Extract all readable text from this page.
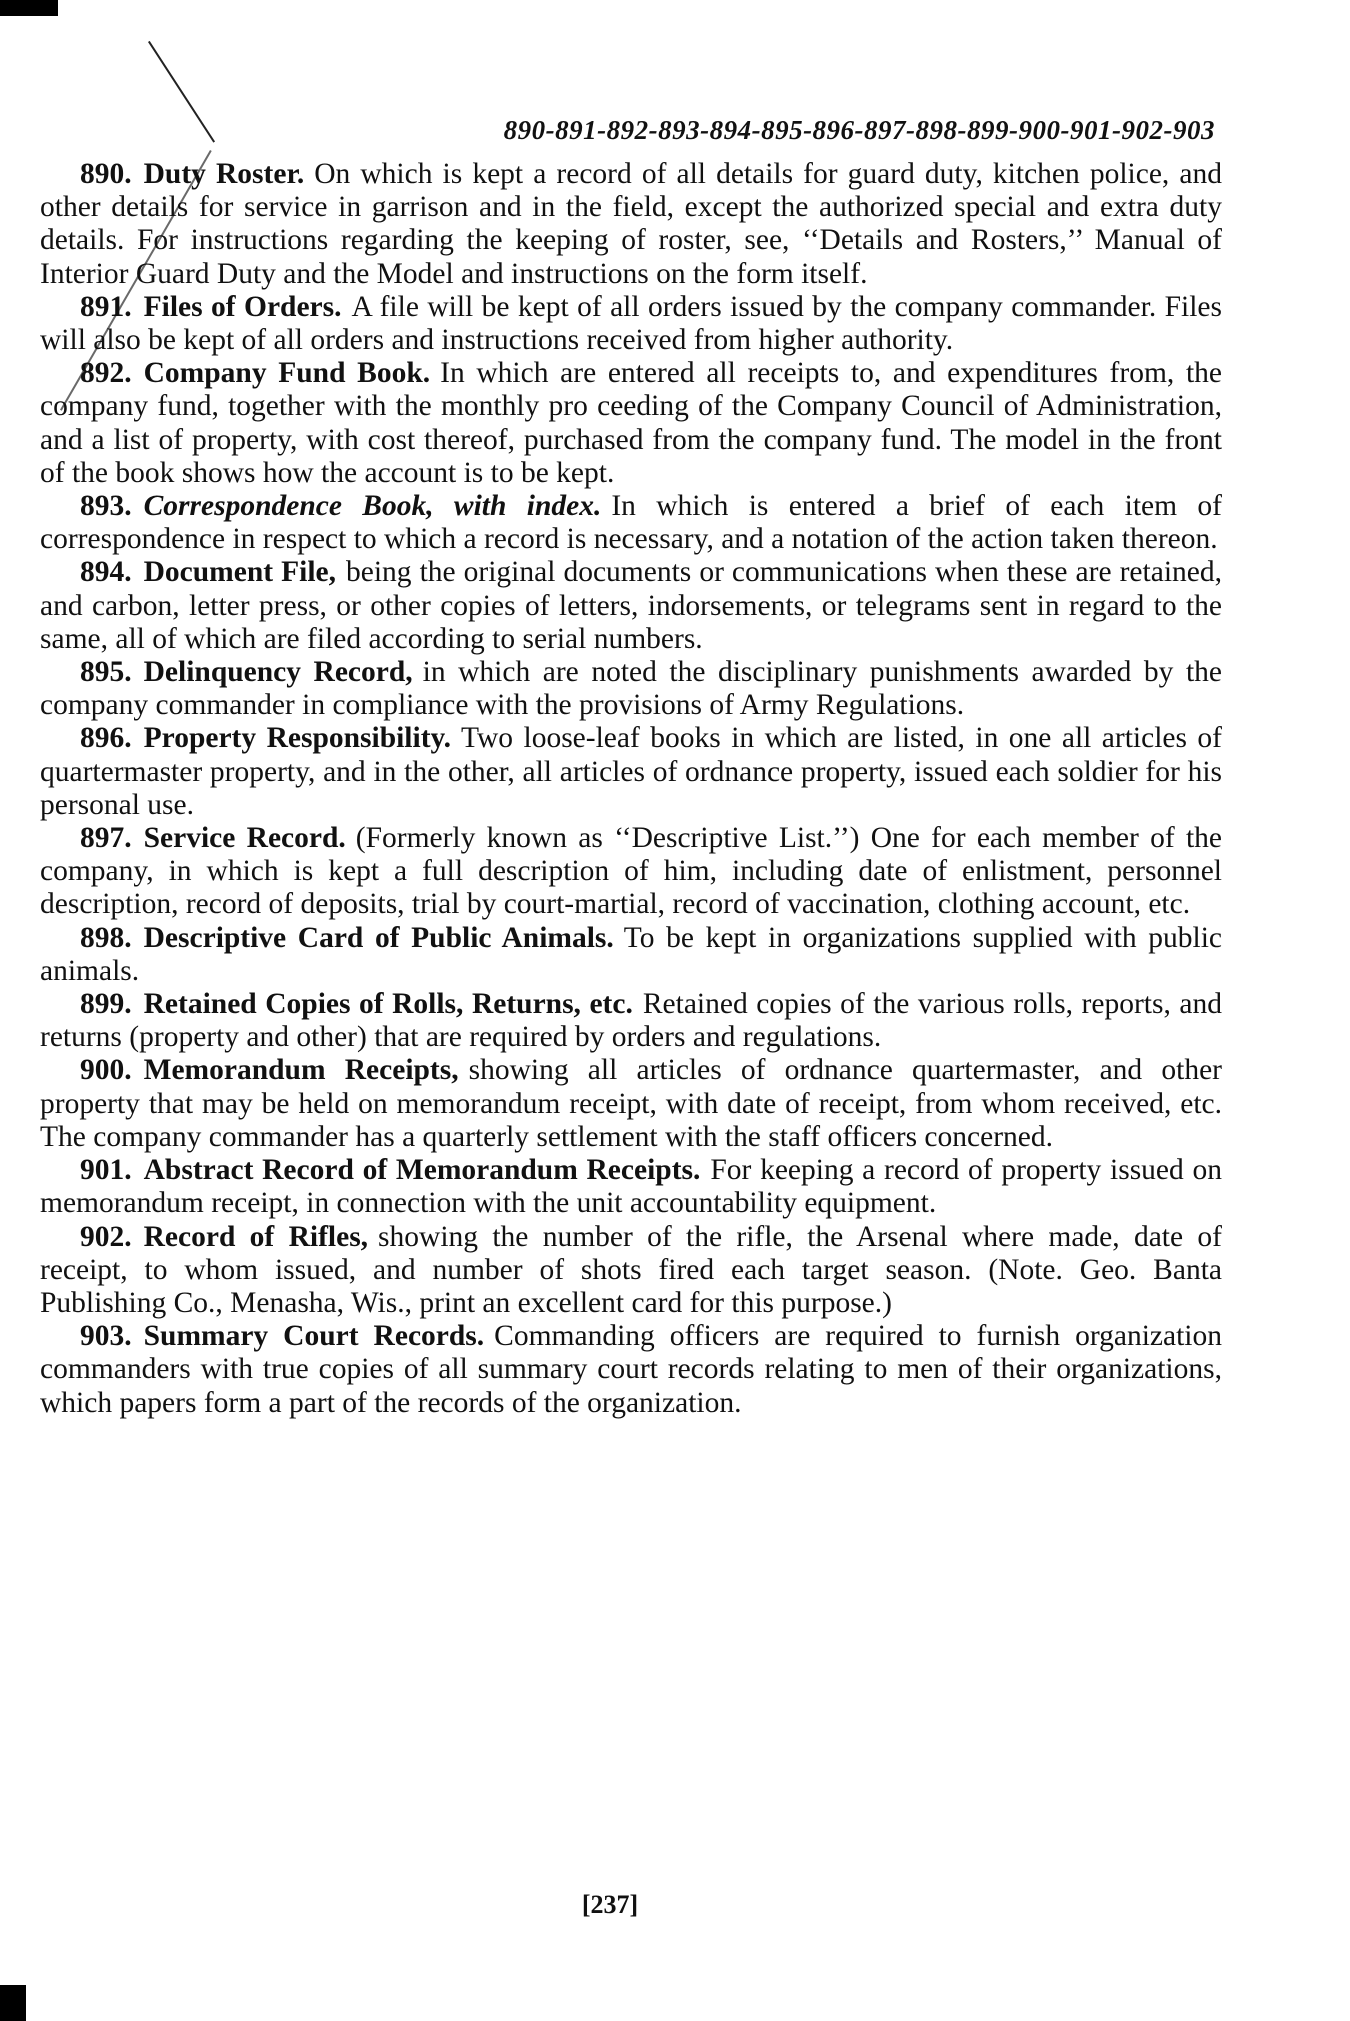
890-891-892-893-894-895-896-897-898-899-900-901-902-903

890. Duty Roster. On which is kept a record of all details for guard duty, kitchen police, and other details for service in garrison and in the field, except the authorized special and extra duty details. For instructions regarding the keeping of roster, see, ‘‘Details and Rosters,’’ Manual of Interior Guard Duty and the Model and instructions on the form itself.

891. Files of Orders. A file will be kept of all orders issued by the company commander. Files will also be kept of all orders and instructions received from higher authority.

892. Company Fund Book. In which are entered all receipts to, and expenditures from, the company fund, together with the monthly pro ceeding of the Company Council of Administration, and a list of property, with cost thereof, purchased from the company fund. The model in the front of the book shows how the account is to be kept.

893. Correspondence Book, with index. In which is entered a brief of each item of correspondence in respect to which a record is necessary, and a notation of the action taken thereon.

894. Document File, being the original documents or communications when these are retained, and carbon, letter press, or other copies of letters, indorsements, or telegrams sent in regard to the same, all of which are filed according to serial numbers.

895. Delinquency Record, in which are noted the disciplinary punishments awarded by the company commander in compliance with the provisions of Army Regulations.

896. Property Responsibility. Two loose-leaf books in which are listed, in one all articles of quartermaster property, and in the other, all articles of ordnance property, issued each soldier for his personal use.

897. Service Record. (Formerly known as ‘‘Descriptive List.’’) One for each member of the company, in which is kept a full description of him, including date of enlistment, personnel description, record of deposits, trial by court-martial, record of vaccination, clothing account, etc.

898. Descriptive Card of Public Animals. To be kept in organizations supplied with public animals.

899. Retained Copies of Rolls, Returns, etc. Retained copies of the various rolls, reports, and returns (property and other) that are required by orders and regulations.

900. Memorandum Receipts, showing all articles of ordnance quartermaster, and other property that may be held on memorandum receipt, with date of receipt, from whom received, etc. The company commander has a quarterly settlement with the staff officers concerned.

901. Abstract Record of Memorandum Receipts. For keeping a record of property issued on memorandum receipt, in connection with the unit accountability equipment.

902. Record of Rifles, showing the number of the rifle, the Arsenal where made, date of receipt, to whom issued, and number of shots fired each target season. (Note. Geo. Banta Publishing Co., Menasha, Wis., print an excellent card for this purpose.)

903. Summary Court Records. Commanding officers are required to furnish organization commanders with true copies of all summary court records relating to men of their organizations, which papers form a part of the records of the organization.

[237]
